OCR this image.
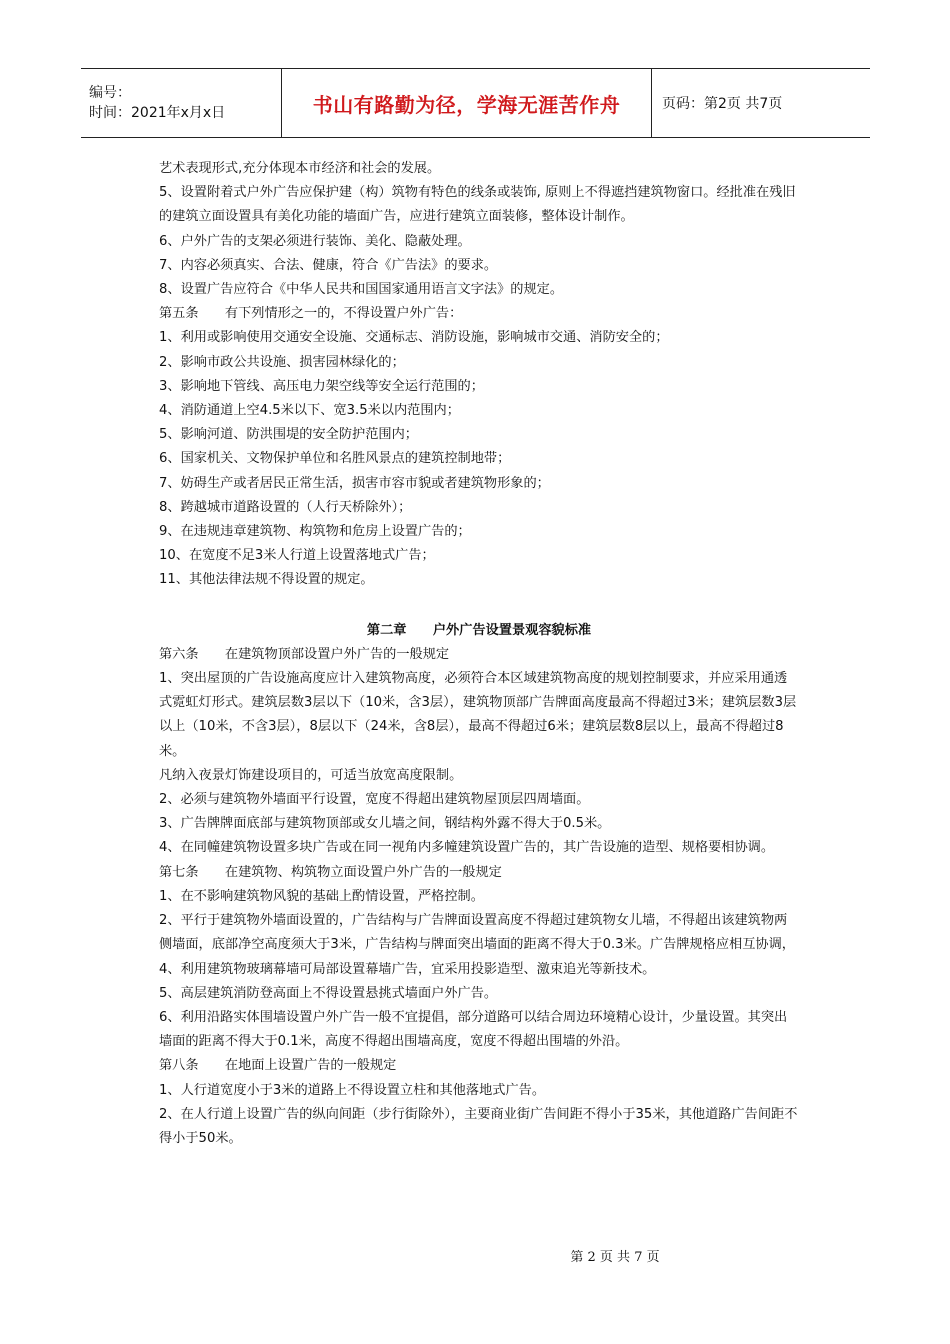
编号：
时间：2021年x月x日	书山有路勤为径，学海无涯苦作舟	页码：第2页 共7页

艺术表现形式,充分体现本市经济和社会的发展。

5、设置附着式户外广告应保护建（构）筑物有特色的线条或装饰, 原则上不得遮挡建筑物窗口。经批准在残旧的建筑立面设置具有美化功能的墙面广告，应进行建筑立面装修，整体设计制作。

6、户外广告的支架必须进行装饰、美化、隐蔽处理。

7、内容必须真实、合法、健康，符合《广告法》的要求。

8、设置广告应符合《中华人民共和国国家通用语言文字法》的规定。

第五条　　有下列情形之一的，不得设置户外广告：

1、利用或影响使用交通安全设施、交通标志、消防设施，影响城市交通、消防安全的；

2、影响市政公共设施、损害园林绿化的；

3、影响地下管线、高压电力架空线等安全运行范围的；

4、消防通道上空4.5米以下、宽3.5米以内范围内；

5、影响河道、防洪围堤的安全防护范围内；

6、国家机关、文物保护单位和名胜风景点的建筑控制地带；

7、妨碍生产或者居民正常生活，损害市容市貌或者建筑物形象的；

8、跨越城市道路设置的（人行天桥除外）；

9、在违规违章建筑物、构筑物和危房上设置广告的；

10、在宽度不足3米人行道上设置落地式广告；

11、其他法律法规不得设置的规定。

第二章　　户外广告设置景观容貌标准

第六条　　在建筑物顶部设置户外广告的一般规定

1、突出屋顶的广告设施高度应计入建筑物高度，必须符合本区域建筑物高度的规划控制要求，并应采用通透式霓虹灯形式。建筑层数3层以下（10米，含3层），建筑物顶部广告牌面高度最高不得超过3米；建筑层数3层以上（10米，不含3层），8层以下（24米，含8层），最高不得超过6米；建筑层数8层以上，最高不得超过8米。

凡纳入夜景灯饰建设项目的，可适当放宽高度限制。

2、必须与建筑物外墙面平行设置，宽度不得超出建筑物屋顶层四周墙面。

3、广告牌牌面底部与建筑物顶部或女儿墙之间，钢结构外露不得大于0.5米。

4、在同幢建筑物设置多块广告或在同一视角内多幢建筑设置广告的，其广告设施的造型、规格要相协调。

第七条　　在建筑物、构筑物立面设置户外广告的一般规定

1、在不影响建筑物风貌的基础上酌情设置，严格控制。

2、平行于建筑物外墙面设置的，广告结构与广告牌面设置高度不得超过建筑物女儿墙，不得超出该建筑物两侧墙面，底部净空高度须大于3米，广告结构与牌面突出墙面的距离不得大于0.3米。广告牌规格应相互协调，

4、利用建筑物玻璃幕墙可局部设置幕墙广告，宜采用投影造型、激束追光等新技术。

5、高层建筑消防登高面上不得设置悬挑式墙面户外广告。

6、利用沿路实体围墙设置户外广告一般不宜提倡，部分道路可以结合周边环境精心设计，少量设置。其突出墙面的距离不得大于0.1米，高度不得超出围墙高度，宽度不得超出围墙的外沿。

第八条　　在地面上设置广告的一般规定

1、人行道宽度小于3米的道路上不得设置立柱和其他落地式广告。

2、在人行道上设置广告的纵向间距（步行街除外），主要商业街广告间距不得小于35米，其他道路广告间距不得小于50米。

第 2 页 共 7 页
